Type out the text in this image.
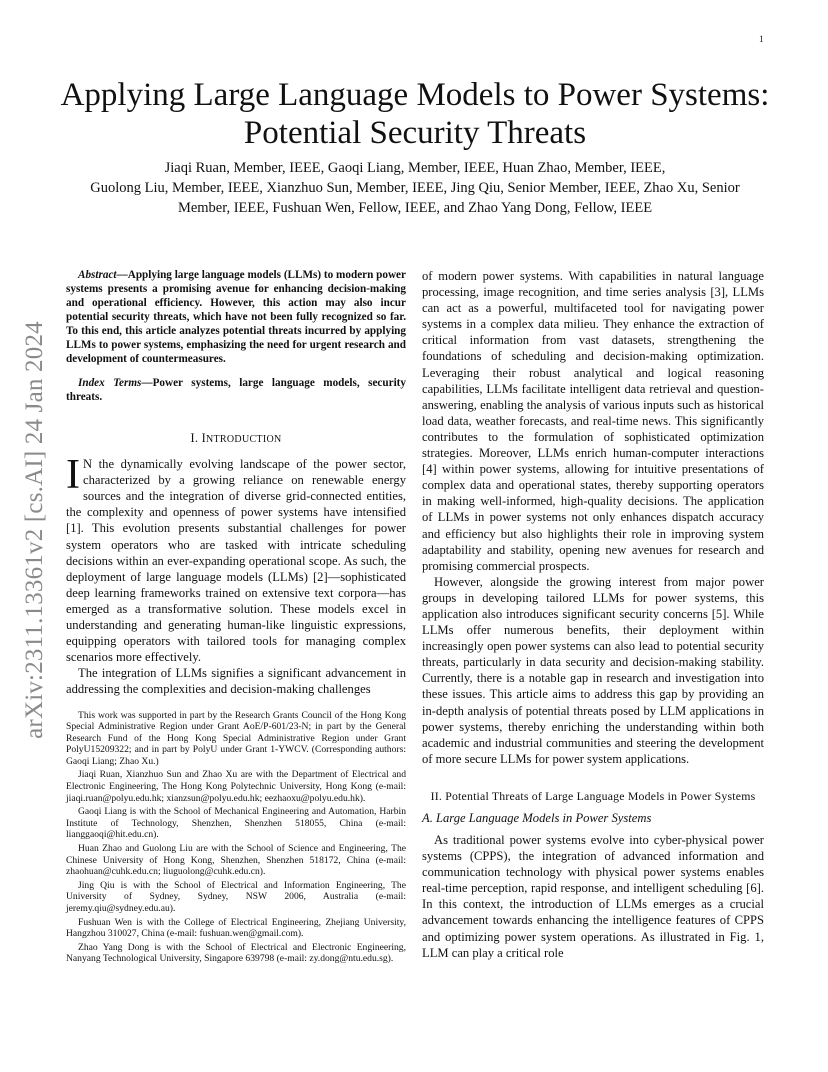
1
arXiv:2311.13361v2 [cs.AI] 24 Jan 2024
Applying Large Language Models to Power Systems: Potential Security Threats
Jiaqi Ruan, Member, IEEE, Gaoqi Liang, Member, IEEE, Huan Zhao, Member, IEEE,
Guolong Liu, Member, IEEE, Xianzhuo Sun, Member, IEEE, Jing Qiu, Senior Member, IEEE, Zhao Xu, Senior
Member, IEEE, Fushuan Wen, Fellow, IEEE, and Zhao Yang Dong, Fellow, IEEE
Abstract—Applying large language models (LLMs) to modern power systems presents a promising avenue for enhancing decision-making and operational efficiency. However, this action may also incur potential security threats, which have not been fully recognized so far. To this end, this article analyzes potential threats incurred by applying LLMs to power systems, emphasizing the need for urgent research and development of countermeasures.
Index Terms—Power systems, large language models, security threats.
I. INTRODUCTION

I N the dynamically evolving landscape of the power sector, characterized by a growing reliance on renewable energy sources and the integration of diverse grid-connected entities, the complexity and openness of power systems have intensified [1]. This evolution presents substantial challenges for power system operators who are tasked with intricate scheduling decisions within an ever-expanding operational scope. As such, the deployment of large language models (LLMs) [2]—sophisticated deep learning frameworks trained on extensive text corpora—has emerged as a transformative solution. These models excel in understanding and generating human-like linguistic expressions, equipping operators with tailored tools for managing complex scenarios more effectively.

The integration of LLMs signifies a significant advancement in addressing the complexities and decision-making challenges

This work was supported in part by the Research Grants Council of the Hong Kong Special Administrative Region under Grant AoE/P-601/23-N; in part by the General Research Fund of the Hong Kong Special Administrative Region under Grant PolyU15209322; and in part by PolyU under Grant 1-YWCV. (Corresponding authors: Gaoqi Liang; Zhao Xu.)

Jiaqi Ruan, Xianzhuo Sun and Zhao Xu are with the Department of Electrical and Electronic Engineering, The Hong Kong Polytechnic University, Hong Kong (e-mail: jiaqi.ruan@polyu.edu.hk; xianzsun@polyu.edu.hk; eezhaoxu@polyu.edu.hk).

Gaoqi Liang is with the School of Mechanical Engineering and Automation, Harbin Institute of Technology, Shenzhen, Shenzhen 518055, China (e-mail: lianggaoqi@hit.edu.cn).

Huan Zhao and Guolong Liu are with the School of Science and Engineering, The Chinese University of Hong Kong, Shenzhen, Shenzhen 518172, China (e-mail: zhaohuan@cuhk.edu.cn; liuguolong@cuhk.edu.cn).

Jing Qiu is with the School of Electrical and Information Engineering, The University of Sydney, Sydney, NSW 2006, Australia (e-mail: jeremy.qiu@sydney.edu.au).

Fushuan Wen is with the College of Electrical Engineering, Zhejiang University, Hangzhou 310027, China (e-mail: fushuan.wen@gmail.com).

Zhao Yang Dong is with the School of Electrical and Electronic Engineering, Nanyang Technological University, Singapore 639798 (e-mail: zy.dong@ntu.edu.sg).

of modern power systems. With capabilities in natural language processing, image recognition, and time series analysis [3], LLMs can act as a powerful, multifaceted tool for navigating power systems in a complex data milieu. They enhance the extraction of critical information from vast datasets, strengthening the foundations of scheduling and decision-making optimization. Leveraging their robust analytical and logical reasoning capabilities, LLMs facilitate intelligent data retrieval and question-answering, enabling the analysis of various inputs such as historical load data, weather forecasts, and real-time news. This significantly contributes to the formulation of sophisticated optimization strategies. Moreover, LLMs enrich human-computer interactions [4] within power systems, allowing for intuitive presentations of complex data and operational states, thereby supporting operators in making well-informed, high-quality decisions. The application of LLMs in power systems not only enhances dispatch accuracy and efficiency but also highlights their role in improving system adaptability and stability, opening new avenues for research and promising commercial prospects.

However, alongside the growing interest from major power groups in developing tailored LLMs for power systems, this application also introduces significant security concerns [5]. While LLMs offer numerous benefits, their deployment within increasingly open power systems can also lead to potential security threats, particularly in data security and decision-making stability. Currently, there is a notable gap in research and investigation into these issues. This article aims to address this gap by providing an in-depth analysis of potential threats posed by LLM applications in power systems, thereby enriching the understanding within both academic and industrial communities and steering the development of more secure LLMs for power system applications.

II. Potential Threats of Large Language Models in Power Systems
A. Large Language Models in Power Systems

As traditional power systems evolve into cyber-physical power systems (CPPS), the integration of advanced information and communication technology with physical power systems enables real-time perception, rapid response, and intelligent scheduling [6]. In this context, the introduction of LLMs emerges as a crucial advancement towards enhancing the intelligence features of CPPS and optimizing power system operations. As illustrated in Fig. 1, LLM can play a critical role
